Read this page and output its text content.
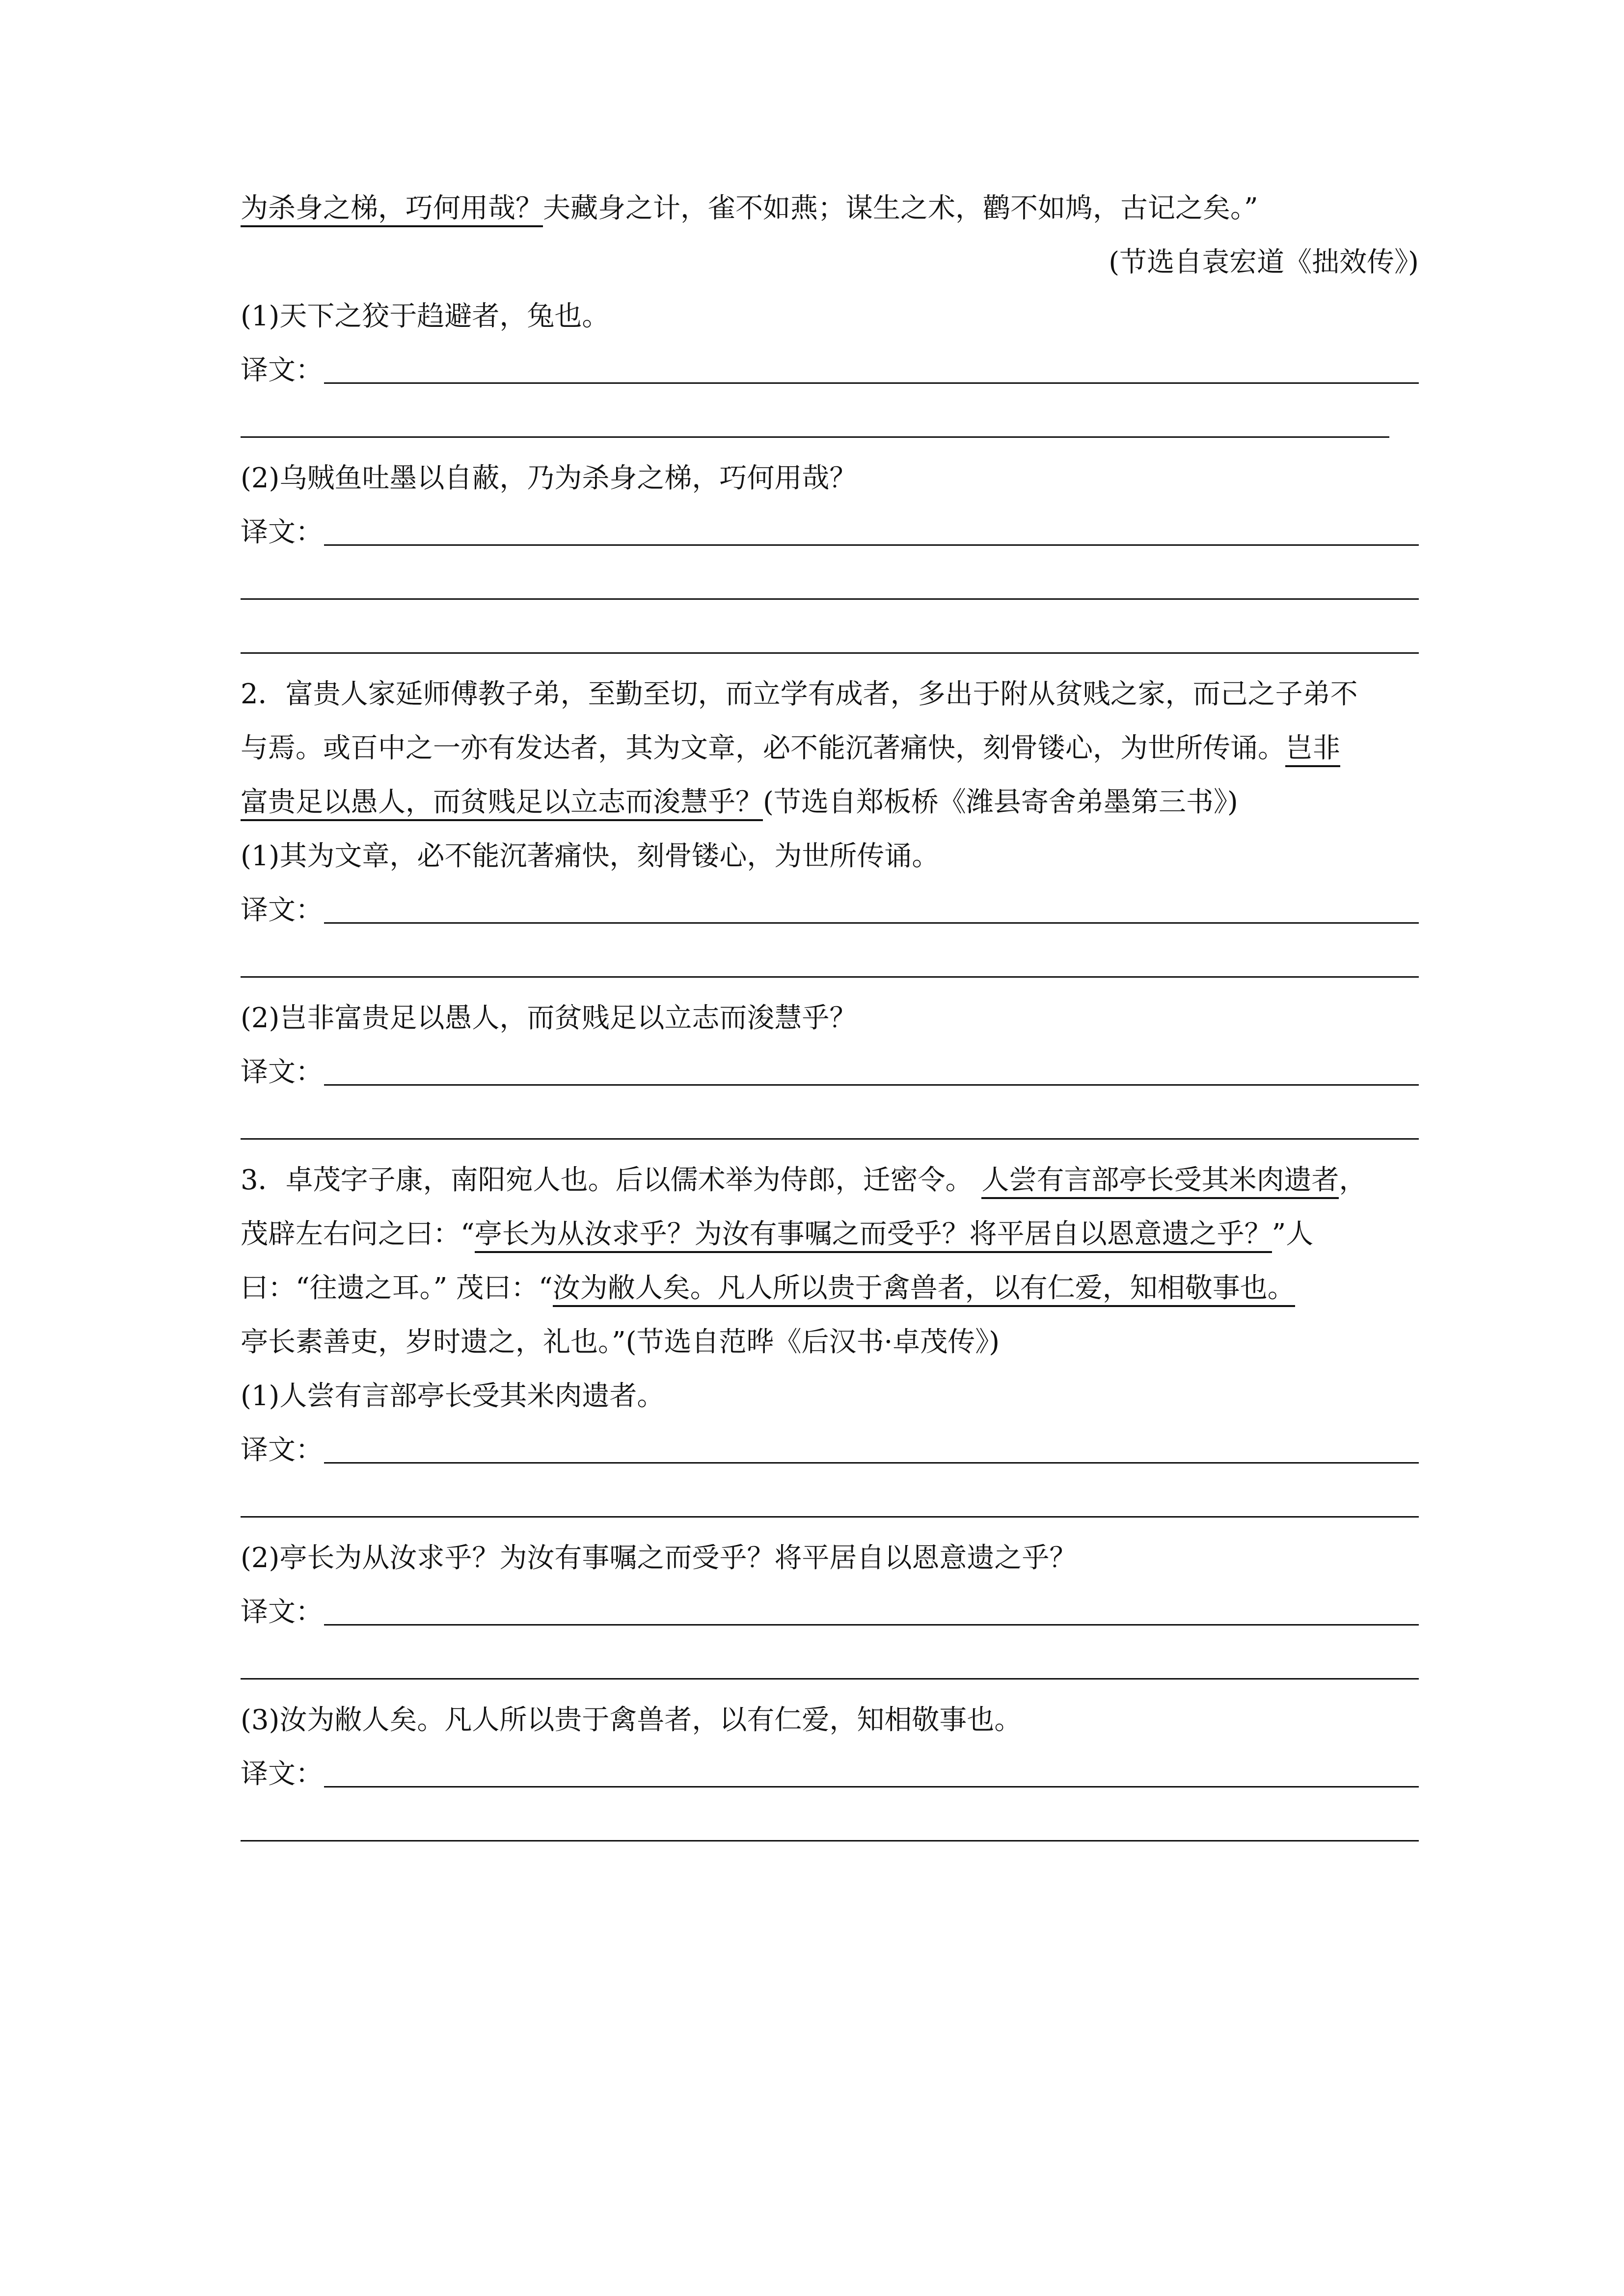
为杀身之梯，巧何用哉？夫藏身之计，雀不如燕；谋生之术，鹳不如鸠，古记之矣。”
(节选自袁宏道《拙效传》)
(1)天下之狡于趋避者，兔也。
译文：
(2)乌贼鱼吐墨以自蔽，乃为杀身之梯，巧何用哉？
译文：
2．富贵人家延师傅教子弟，至勤至切，而立学有成者，多出于附从贫贱之家，而己之子弟不
与焉。或百中之一亦有发达者，其为文章，必不能沉著痛快，刻骨镂心，为世所传诵。岂非
富贵足以愚人，而贫贱足以立志而浚慧乎？(节选自郑板桥《潍县寄舍弟墨第三书》)
(1)其为文章，必不能沉著痛快，刻骨镂心，为世所传诵。
译文：
(2)岂非富贵足以愚人，而贫贱足以立志而浚慧乎？
译文：
3．卓茂字子康，南阳宛人也。后以儒术举为侍郎，迁密令。 人尝有言部亭长受其米肉遗者，
茂辟左右问之曰：“亭长为从汝求乎？为汝有事嘱之而受乎？将平居自以恩意遗之乎？”人
曰：“往遗之耳。” 茂曰：“汝为敝人矣。凡人所以贵于禽兽者，以有仁爱，知相敬事也。
亭长素善吏，岁时遗之，礼也。”(节选自范晔《后汉书·卓茂传》)
(1)人尝有言部亭长受其米肉遗者。
译文：
(2)亭长为从汝求乎？为汝有事嘱之而受乎？将平居自以恩意遗之乎？
译文：
(3)汝为敝人矣。凡人所以贵于禽兽者，以有仁爱，知相敬事也。
译文：
